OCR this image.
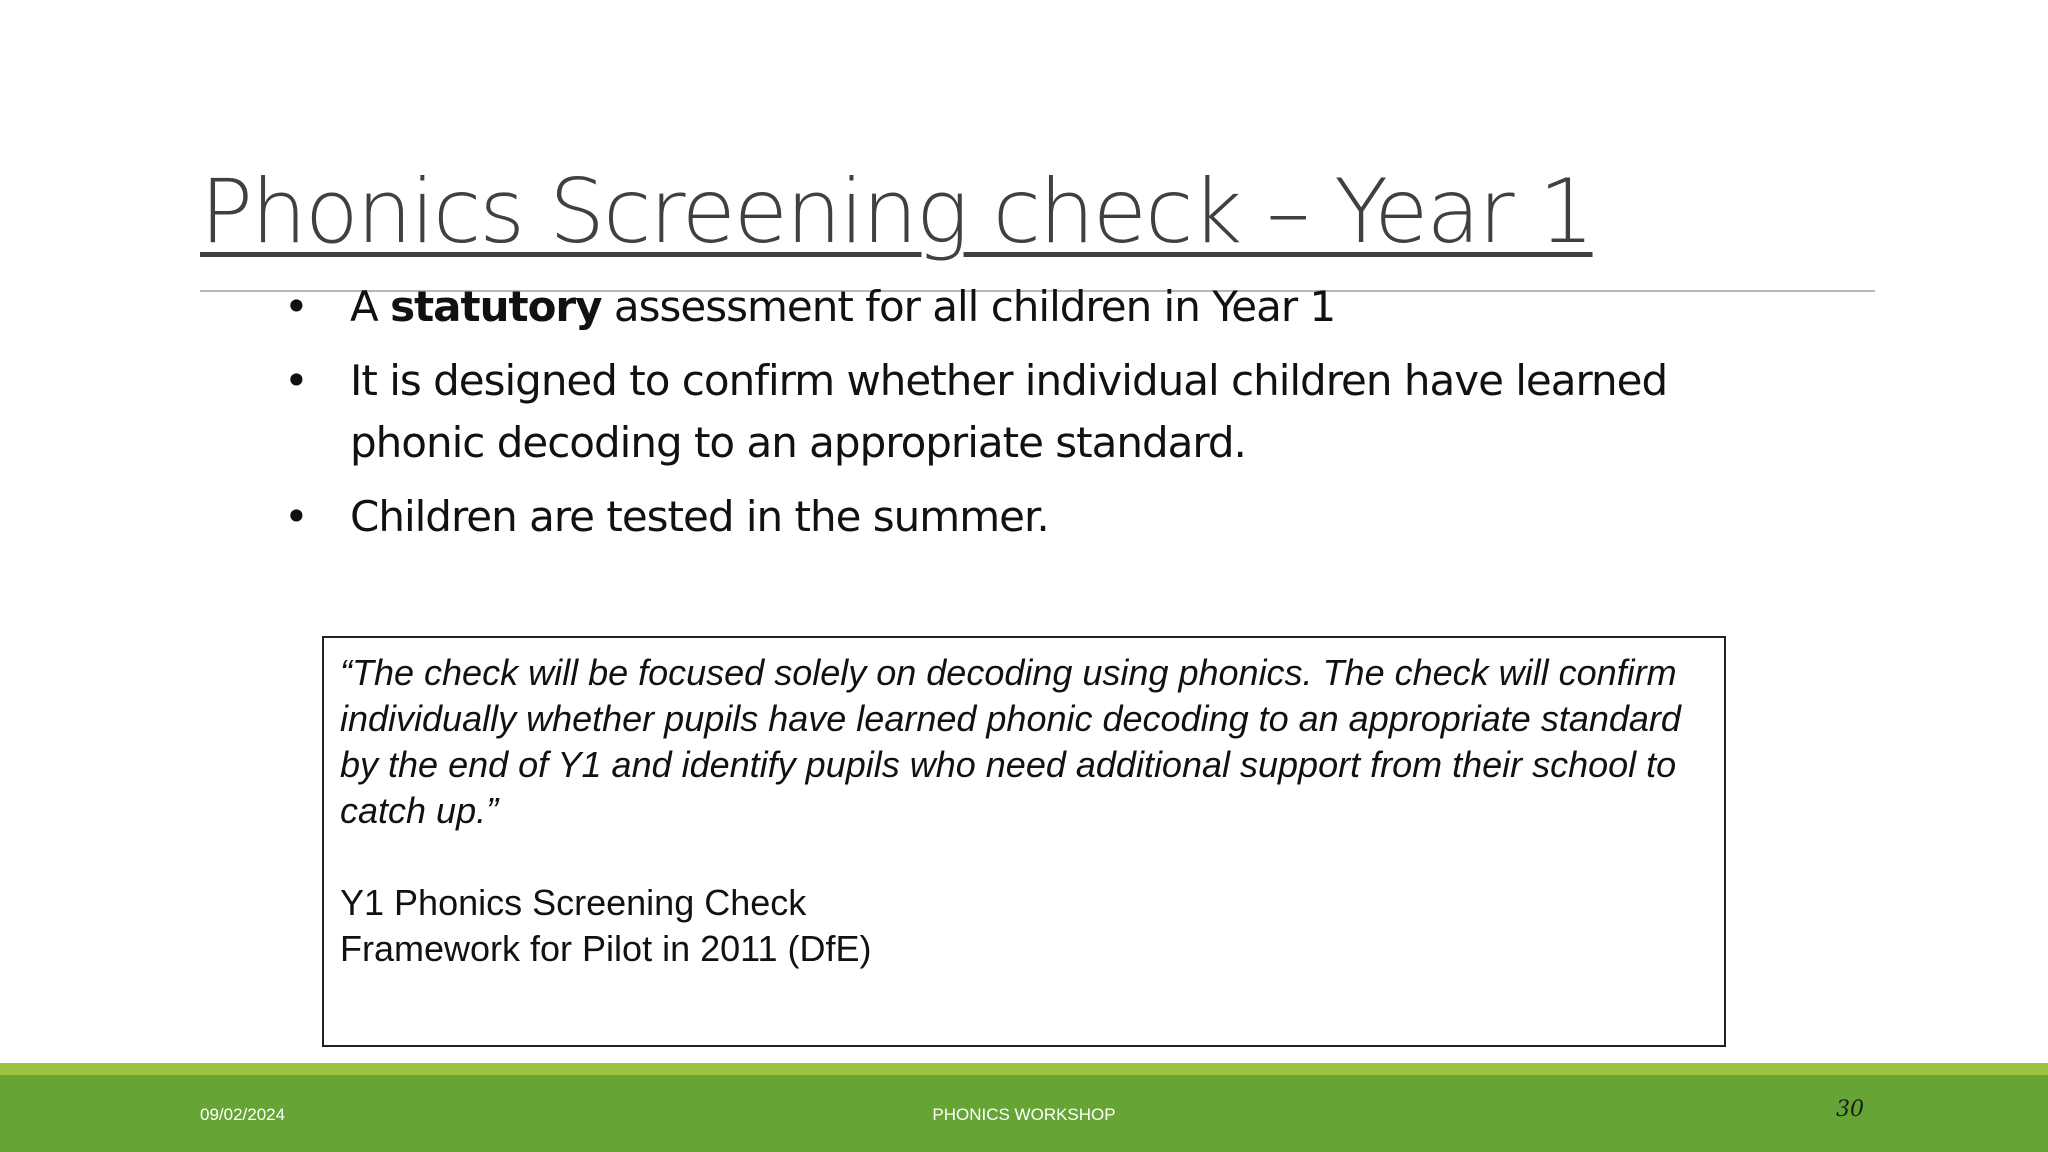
Phonics Screening check – Year 1
• A statutory assessment for all children in Year 1
• It is designed to confirm whether individual children have learned phonic decoding to an appropriate standard.
• Children are tested in the summer.

“The check will be focused solely on decoding using phonics. The check will confirm individually whether pupils have learned phonic decoding to an appropriate standard by the end of Y1 and identify pupils who need additional support from their school to catch up.”

Y1 Phonics Screening Check
Framework for Pilot in 2011 (DfE)

09/02/2024	PHONICS WORKSHOP	30
